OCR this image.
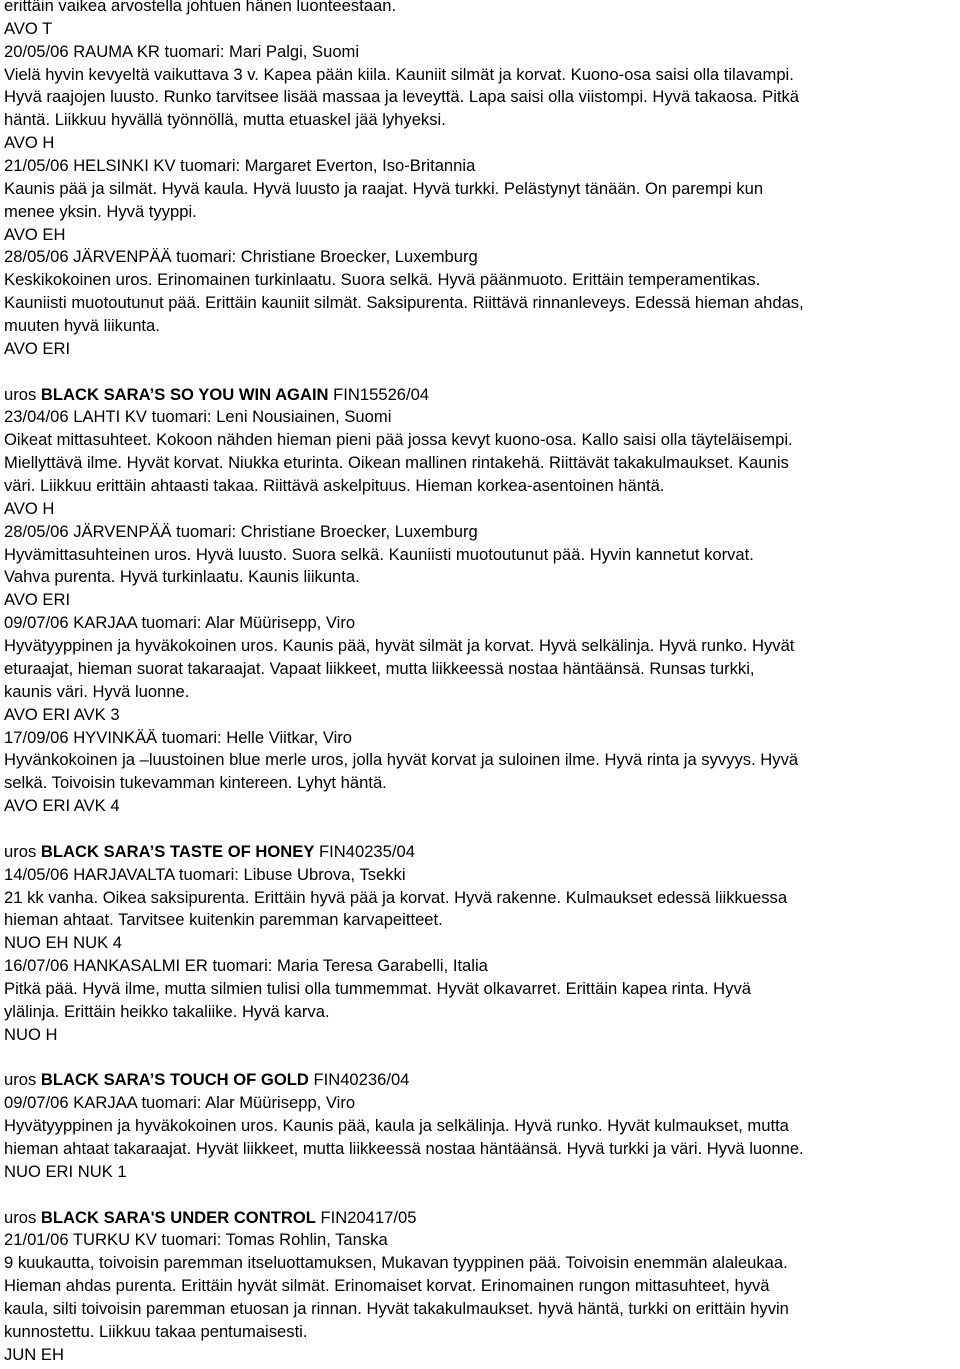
erittäin vaikea arvostella johtuen hänen luonteestaan.
AVO T
20/05/06 RAUMA KR tuomari: Mari Palgi, Suomi
Vielä hyvin kevyeltä vaikuttava 3 v. Kapea pään kiila. Kauniit silmät ja korvat. Kuono-osa saisi olla tilavampi.
Hyvä raajojen luusto. Runko tarvitsee lisää massaa ja leveyttä. Lapa saisi olla viistompi. Hyvä takaosa. Pitkä
häntä. Liikkuu hyvällä työnnöllä, mutta etuaskel jää lyhyeksi.
AVO H
21/05/06 HELSINKI KV tuomari: Margaret Everton, Iso-Britannia
Kaunis pää ja silmät. Hyvä kaula. Hyvä luusto ja raajat. Hyvä turkki. Pelästynyt tänään. On parempi kun
menee yksin. Hyvä tyyppi.
AVO EH
28/05/06 JÄRVENPÄÄ tuomari: Christiane Broecker, Luxemburg
Keskikokoinen uros. Erinomainen turkinlaatu. Suora selkä. Hyvä päänmuoto. Erittäin temperamentikas.
Kauniisti muotoutunut pää. Erittäin kauniit silmät. Saksipurenta. Riittävä rinnanleveys. Edessä hieman ahdas,
muuten hyvä liikunta.
AVO ERI
uros BLACK SARA’S SO YOU WIN AGAIN FIN15526/04
23/04/06 LAHTI KV tuomari: Leni Nousiainen, Suomi
Oikeat mittasuhteet. Kokoon nähden hieman pieni pää jossa kevyt kuono-osa. Kallo saisi olla täyteläisempi.
Miellyttävä ilme. Hyvät korvat. Niukka eturinta. Oikean mallinen rintakehä. Riittävät takakulmaukset. Kaunis
väri. Liikkuu erittäin ahtaasti takaa. Riittävä askelpituus. Hieman korkea-asentoinen häntä.
AVO H
28/05/06 JÄRVENPÄÄ tuomari: Christiane Broecker, Luxemburg
Hyvämittasuhteinen uros. Hyvä luusto. Suora selkä. Kauniisti muotoutunut pää. Hyvin kannetut korvat.
Vahva purenta. Hyvä turkinlaatu. Kaunis liikunta.
AVO ERI
09/07/06 KARJAA tuomari: Alar Müürisepp, Viro
Hyvätyyppinen ja hyväkokoinen uros. Kaunis pää, hyvät silmät ja korvat. Hyvä selkälinja. Hyvä runko. Hyvät
eturaajat, hieman suorat takaraajat. Vapaat liikkeet, mutta liikkeessä nostaa häntäänsä. Runsas turkki,
kaunis väri. Hyvä luonne.
AVO ERI AVK 3
17/09/06 HYVINKÄÄ tuomari: Helle Viitkar, Viro
Hyvänkokoinen ja –luustoinen blue merle uros, jolla hyvät korvat ja suloinen ilme. Hyvä rinta ja syvyys. Hyvä
selkä. Toivoisin tukevamman kintereen. Lyhyt häntä.
AVO ERI AVK 4
uros BLACK SARA’S TASTE OF HONEY FIN40235/04
14/05/06 HARJAVALTA tuomari: Libuse Ubrova, Tsekki
21 kk vanha. Oikea saksipurenta. Erittäin hyvä pää ja korvat. Hyvä rakenne. Kulmaukset edessä liikkuessa
hieman ahtaat. Tarvitsee kuitenkin paremman karvapeitteet.
NUO EH NUK 4
16/07/06 HANKASALMI ER tuomari: Maria Teresa Garabelli, Italia
Pitkä pää. Hyvä ilme, mutta silmien tulisi olla tummemmat. Hyvät olkavarret. Erittäin kapea rinta. Hyvä
ylälinja. Erittäin heikko takaliike. Hyvä karva.
NUO H
uros BLACK SARA’S TOUCH OF GOLD FIN40236/04
09/07/06 KARJAA tuomari: Alar Müürisepp, Viro
Hyvätyyppinen ja hyväkokoinen uros. Kaunis pää, kaula ja selkälinja. Hyvä runko. Hyvät kulmaukset, mutta
hieman ahtaat takaraajat. Hyvät liikkeet, mutta liikkeessä nostaa häntäänsä. Hyvä turkki ja väri. Hyvä luonne.
NUO ERI NUK 1
uros BLACK SARA'S UNDER CONTROL FIN20417/05
21/01/06 TURKU KV tuomari: Tomas Rohlin, Tanska
9 kuukautta, toivoisin paremman itseluottamuksen, Mukavan tyyppinen pää. Toivoisin enemmän alaleukaa.
Hieman ahdas purenta. Erittäin hyvät silmät. Erinomaiset korvat. Erinomainen rungon mittasuhteet, hyvä
kaula, silti toivoisin paremman etuosan ja rinnan. Hyvät takakulmaukset. hyvä häntä, turkki on erittäin hyvin
kunnostettu. Liikkuu takaa pentumaisesti.
JUN EH
